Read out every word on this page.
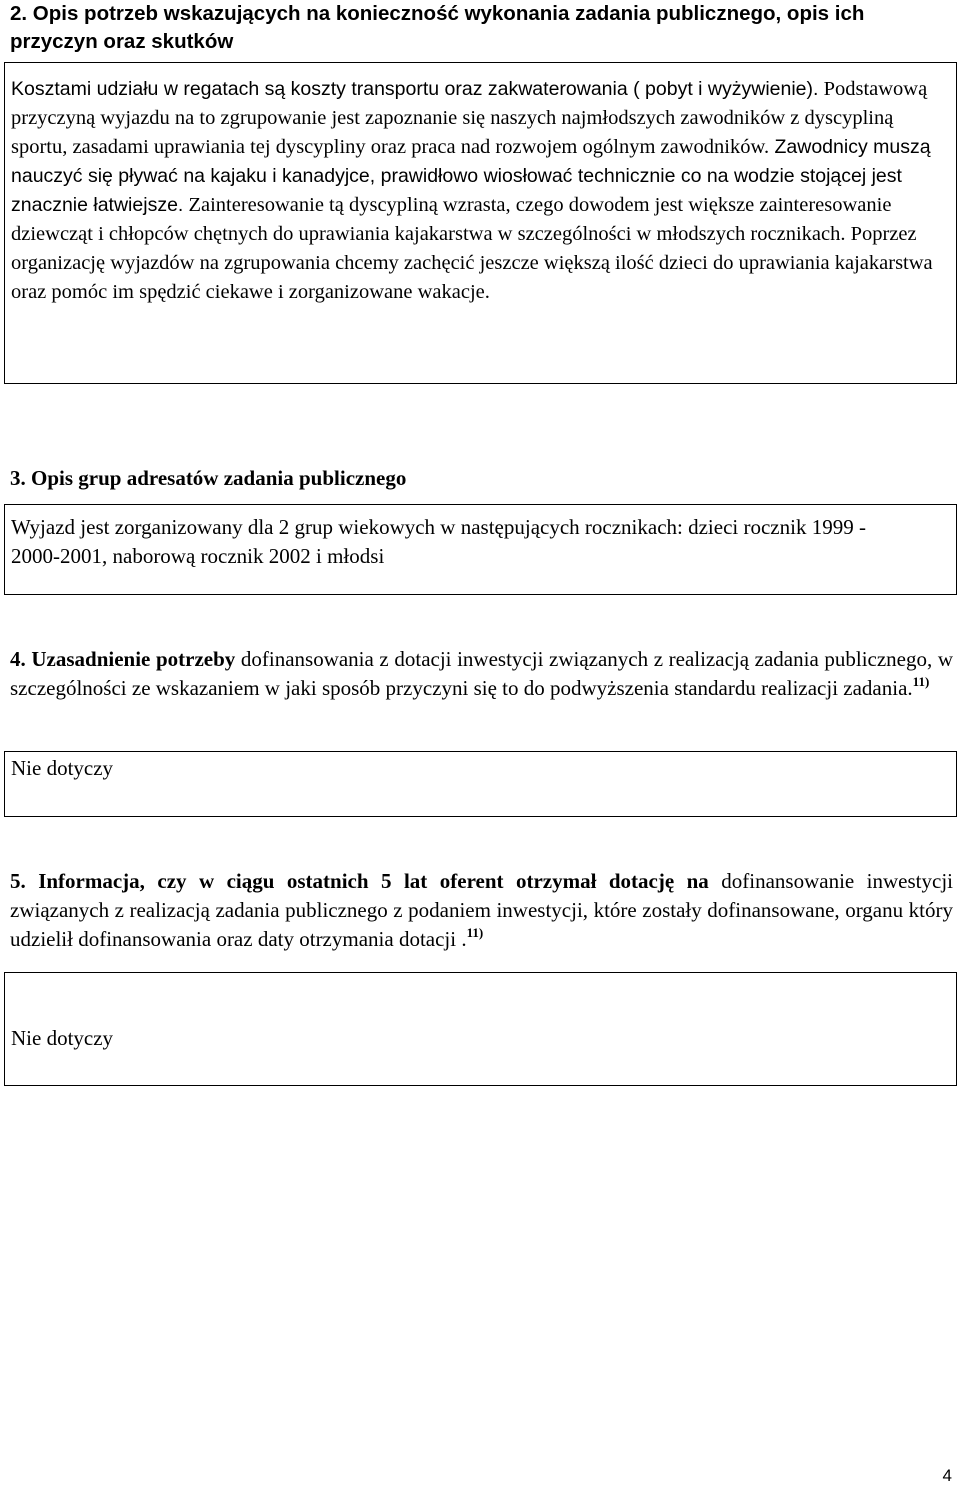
2. Opis potrzeb wskazujących na konieczność wykonania zadania publicznego, opis ich przyczyn oraz skutków
Kosztami udziału w regatach są koszty transportu oraz zakwaterowania ( pobyt i wyżywienie). Podstawową przyczyną wyjazdu na to zgrupowanie jest zapoznanie się naszych najmłodszych zawodników z dyscypliną sportu, zasadami uprawiania tej dyscypliny oraz praca nad rozwojem ogólnym zawodników. Zawodnicy muszą nauczyć się pływać na kajaku i kanadyjce, prawidłowo wiosłować technicznie co na wodzie stojącej jest znacznie łatwiejsze. Zainteresowanie tą dyscypliną wzrasta, czego dowodem jest większe zainteresowanie dziewcząt i chłopców chętnych do uprawiania kajakarstwa w szczególności w młodszych rocznikach. Poprzez organizację wyjazdów na zgrupowania chcemy zachęcić jeszcze większą ilość dzieci do uprawiania kajakarstwa oraz pomóc im spędzić ciekawe i zorganizowane wakacje.
3. Opis grup adresatów zadania publicznego
Wyjazd jest zorganizowany dla 2 grup wiekowych w następujących rocznikach: dzieci rocznik 1999 - 2000-2001, naborową rocznik 2002 i młodsi
4. Uzasadnienie potrzeby dofinansowania z dotacji inwestycji związanych z realizacją zadania publicznego, w szczególności ze wskazaniem w jaki sposób przyczyni się to do podwyższenia standardu realizacji zadania.$^{11)}$
Nie dotyczy
5. Informacja, czy w ciągu ostatnich 5 lat oferent otrzymał dotację na dofinansowanie inwestycji związanych z realizacją zadania publicznego z podaniem inwestycji, które zostały dofinansowane, organu który udzielił dofinansowania oraz daty otrzymania dotacji .$^{11)}$
Nie dotyczy
4
